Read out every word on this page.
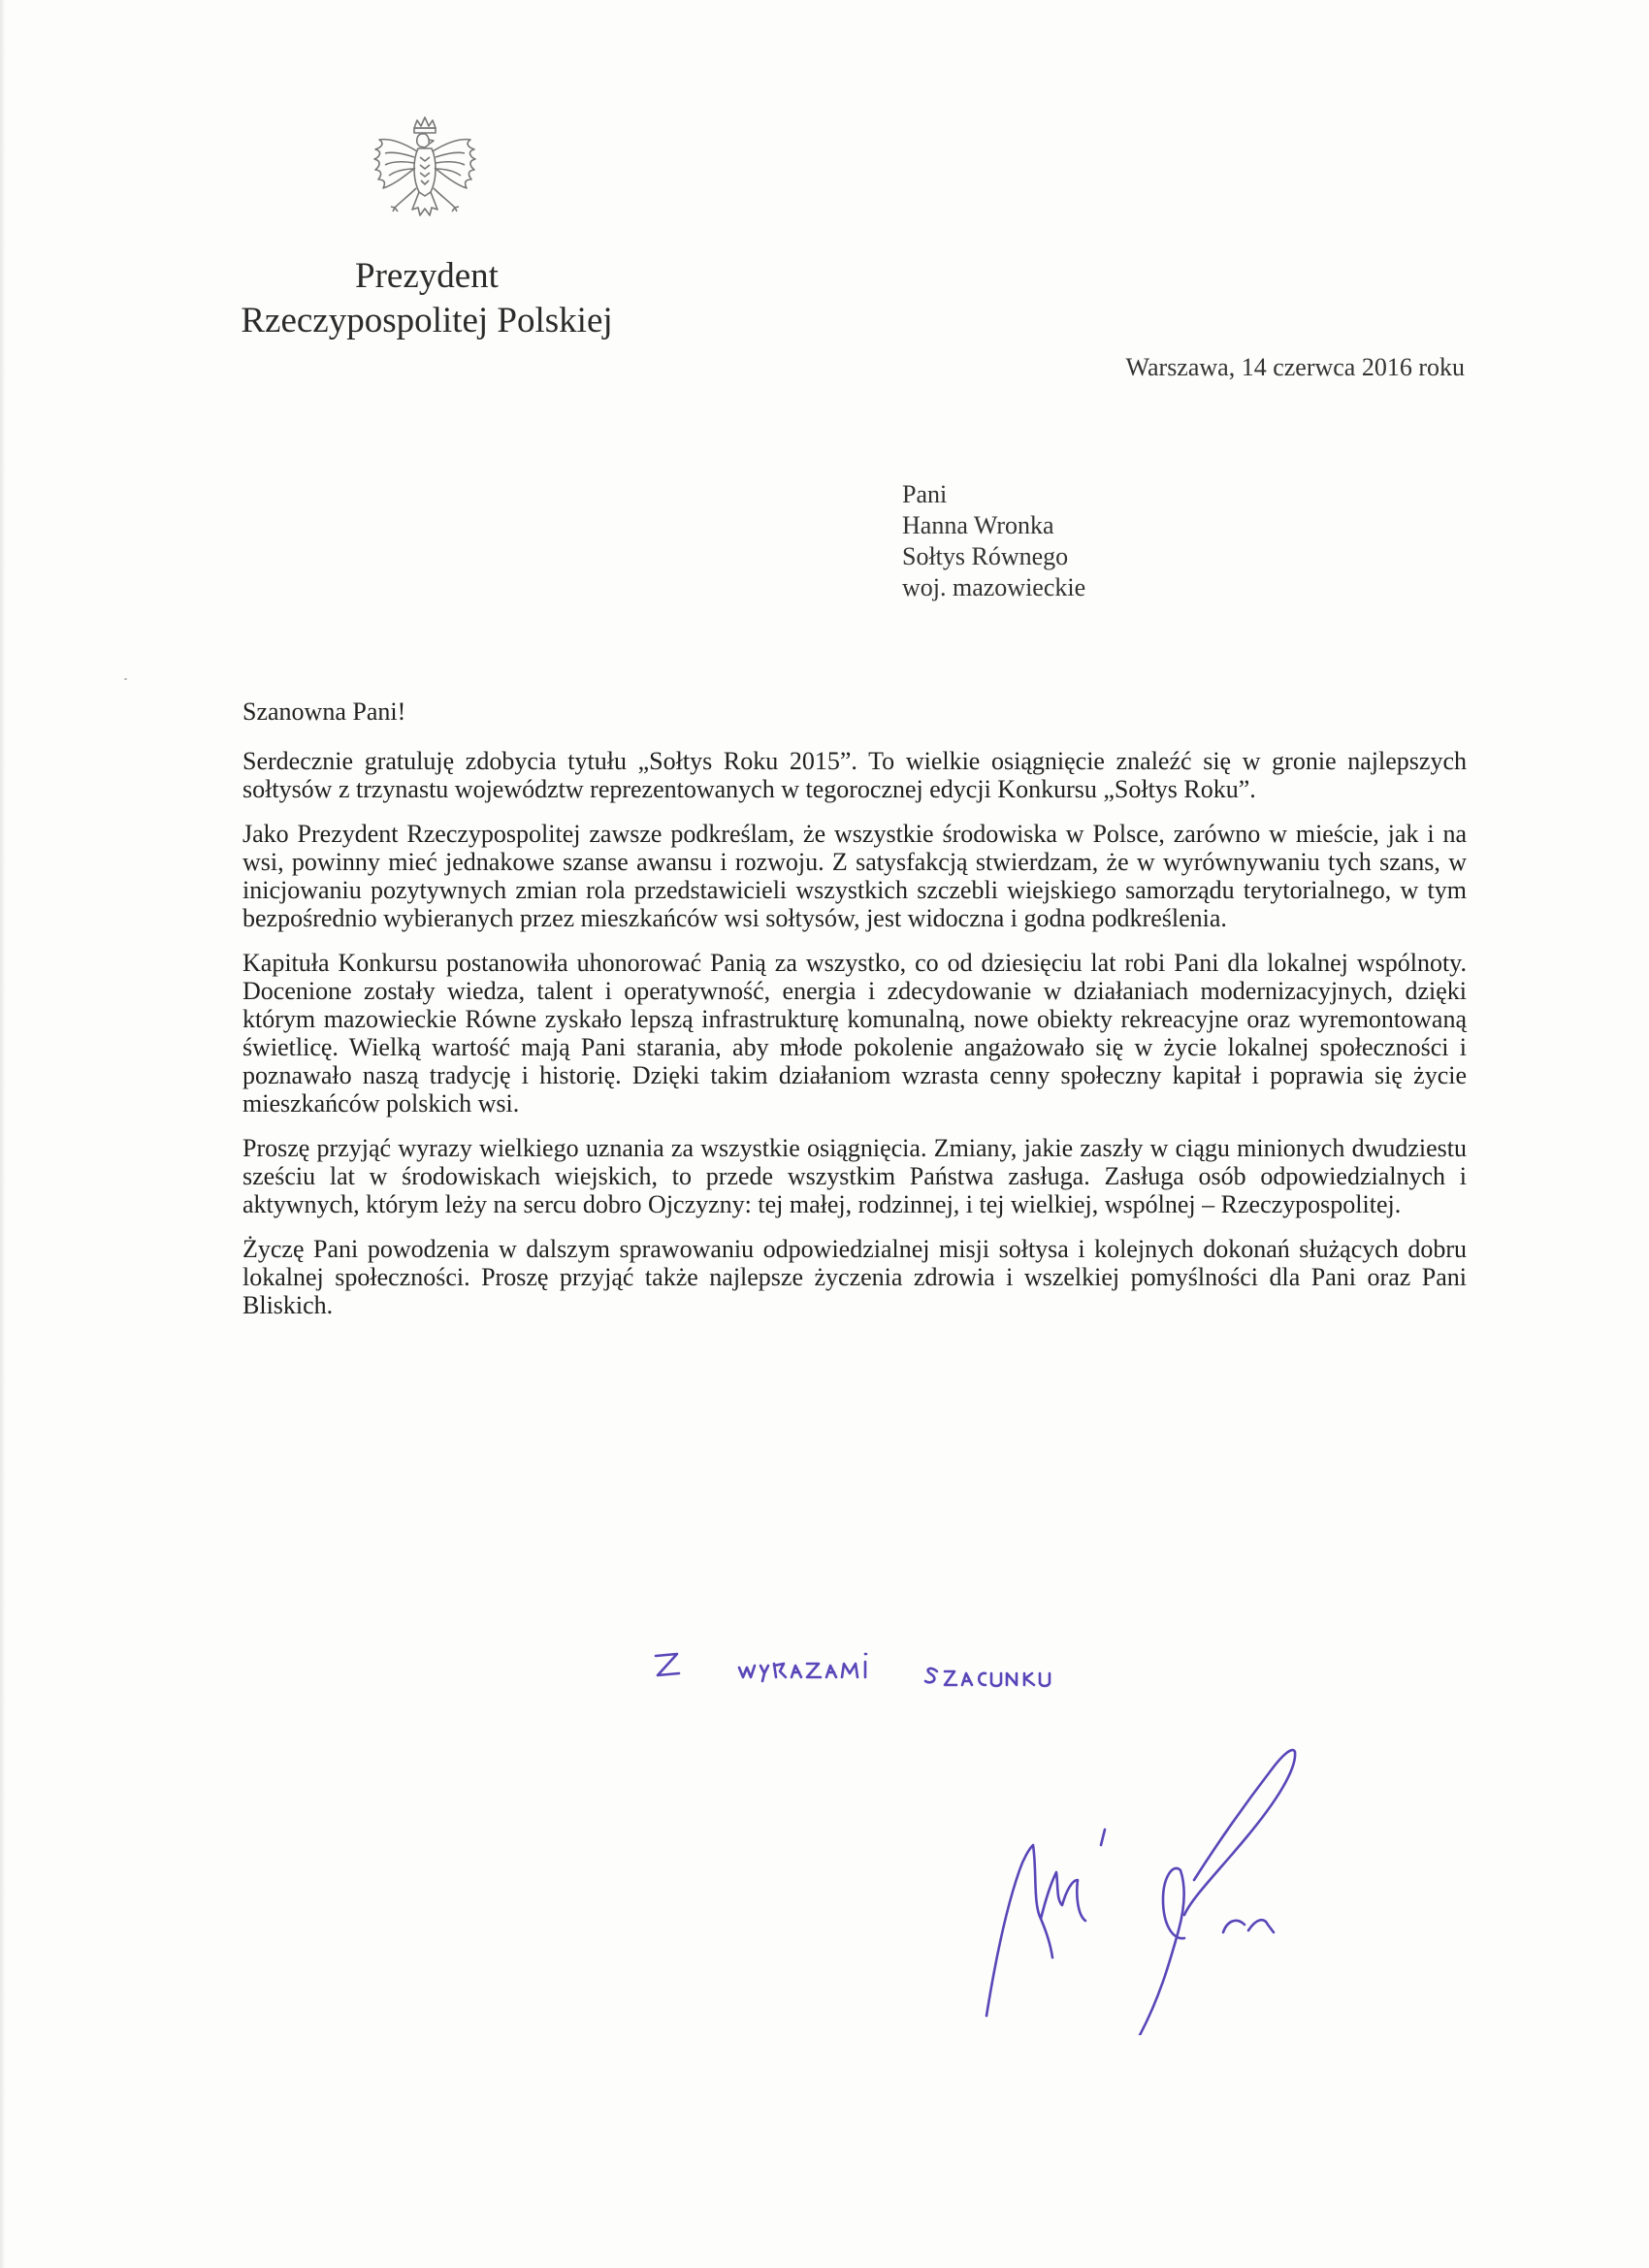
Prezydent
Rzeczypospolitej Polskiej
Warszawa, 14 czerwca 2016 roku
Pani
Hanna Wronka
Sołtys Równego
woj. mazowieckie

Szanowna Pani!

Serdecznie gratuluję zdobycia tytułu „Sołtys Roku 2015”. To wielkie osiągnięcie znaleźć się w gronie najlepszych sołtysów z trzynastu województw reprezentowanych w tegorocznej edycji Konkursu „Sołtys Roku”.

Jako Prezydent Rzeczypospolitej zawsze podkreślam, że wszystkie środowiska w Polsce, zarówno w mieście, jak i na wsi, powinny mieć jednakowe szanse awansu i rozwoju. Z satysfakcją stwierdzam, że w wyrównywaniu tych szans, w inicjowaniu pozytywnych zmian rola przedstawicieli wszystkich szczebli wiejskiego samorządu terytorialnego, w tym bezpośrednio wybieranych przez mieszkańców wsi sołtysów, jest widoczna i godna podkreślenia.

Kapituła Konkursu postanowiła uhonorować Panią za wszystko, co od dziesięciu lat robi Pani dla lokalnej wspólnoty. Docenione zostały wiedza, talent i operatywność, energia i zdecydowanie w działaniach modernizacyjnych, dzięki którym mazowieckie Równe zyskało lepszą infrastrukturę komunalną, nowe obiekty rekreacyjne oraz wyremontowaną świetlicę. Wielką wartość mają Pani starania, aby młode pokolenie angażowało się w życie lokalnej społeczności i poznawało naszą tradycję i historię. Dzięki takim działaniom wzrasta cenny społeczny kapitał i poprawia się życie mieszkańców polskich wsi.

Proszę przyjąć wyrazy wielkiego uznania za wszystkie osiągnięcia. Zmiany, jakie zaszły w ciągu minionych dwudziestu sześciu lat w środowiskach wiejskich, to przede wszystkim Państwa zasługa. Zasługa osób odpowiedzialnych i aktywnych, którym leży na sercu dobro Ojczyzny: tej małej, rodzinnej, i tej wielkiej, wspólnej – Rzeczypospolitej.

Życzę Pani powodzenia w dalszym sprawowaniu odpowiedzialnej misji sołtysa i kolejnych dokonań służących dobru lokalnej społeczności. Proszę przyjąć także najlepsze życzenia zdrowia i wszelkiej pomyślności dla Pani oraz Pani Bliskich.
